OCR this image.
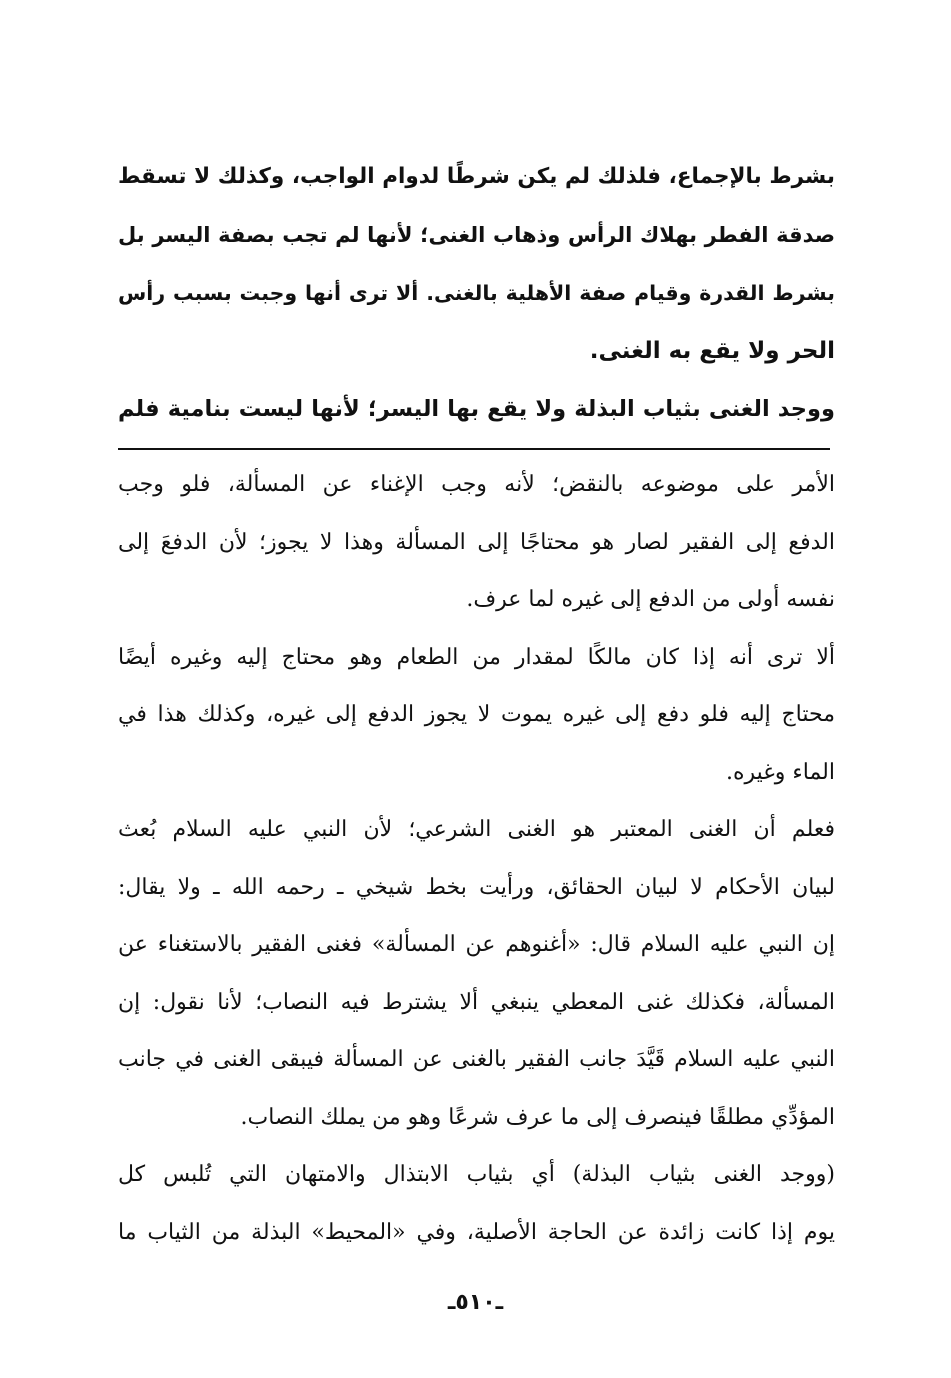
بشرط بالإجماع، فلذلك لم يكن شرطًا لدوام الواجب، وكذلك لا تسقط
صدقة الفطر بهلاك الرأس وذهاب الغنى؛ لأنها لم تجب بصفة اليسر بل
بشرط القدرة وقيام صفة الأهلية بالغنى. ألا ترى أنها وجبت بسبب رأس
الحر ولا يقع به الغنى.
ووجد الغنى بثياب البذلة ولا يقع بها اليسر؛ لأنها ليست بنامية فلم
الأمر على موضوعه بالنقض؛ لأنه وجب الإغناء عن المسألة، فلو وجب
الدفع إلى الفقير لصار هو محتاجًا إلى المسألة وهذا لا يجوز؛ لأن الدفعَ إلى
نفسه أولى من الدفع إلى غيره لما عرف.
ألا ترى أنه إذا كان مالكًا لمقدار من الطعام وهو محتاج إليه وغيره أيضًا
محتاج إليه فلو دفع إلى غيره يموت لا يجوز الدفع إلى غيره، وكذلك هذا في
الماء وغيره.
فعلم أن الغنى المعتبر هو الغنى الشرعي؛ لأن النبي عليه السلام بُعث
لبيان الأحكام لا لبيان الحقائق، ورأيت بخط شيخي ـ رحمه الله ـ ولا يقال:
إن النبي عليه السلام قال: «أغنوهم عن المسألة» فغنى الفقير بالاستغناء عن
المسألة، فكذلك غنى المعطي ينبغي ألا يشترط فيه النصاب؛ لأنا نقول: إن
النبي عليه السلام قَيَّدَ جانب الفقير بالغنى عن المسألة فيبقى الغنى في جانب
المؤدِّي مطلقًا فينصرف إلى ما عرف شرعًا وهو من يملك النصاب.
(ووجد الغنى بثياب البذلة) أي بثياب الابتذال والامتهان التي تُلبس كل
يوم إذا كانت زائدة عن الحاجة الأصلية، وفي «المحيط» البذلة من الثياب ما
ـ٥١٠ـ
